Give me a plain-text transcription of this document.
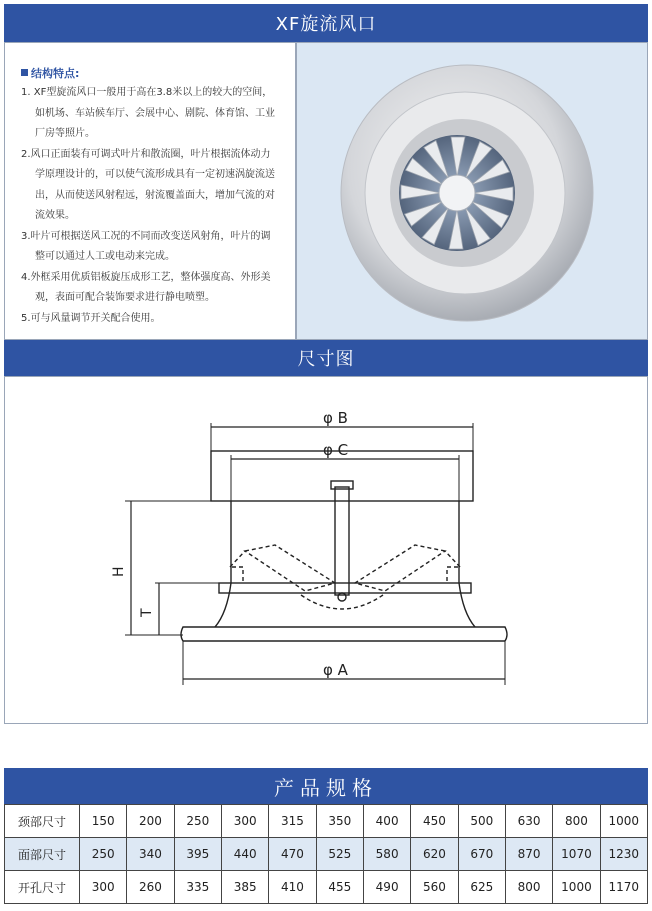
XF旋流风口
结构特点:
1. XF型旋流风口一般用于高在3.8米以上的较大的空间，
如机场、车站候车厅、会展中心、剧院、体育馆、工业
厂房等照片。
2.风口正面装有可调式叶片和散流圈，叶片根据流体动力
学原理设计的，可以使气流形成具有一定初速涡旋流送
出，从而使送风射程远，射流覆盖面大，增加气流的对
流效果。
3.叶片可根据送风工况的不同而改变送风射角，叶片的调
整可以通过人工或电动来完成。
4.外框采用优质铝板旋压成形工艺，整体强度高、外形美
观，表面可配合装饰要求进行静电喷塑。
5.可与风量调节开关配合使用。
尺寸图
φ B
φ C
φ A
H
T
产品规格
颈部尺寸	150	200	250	300	315	350	400	450	500	630	800	1000
面部尺寸	250	340	395	440	470	525	580	620	670	870	1070	1230
开孔尺寸	300	260	335	385	410	455	490	560	625	800	1000	1170
